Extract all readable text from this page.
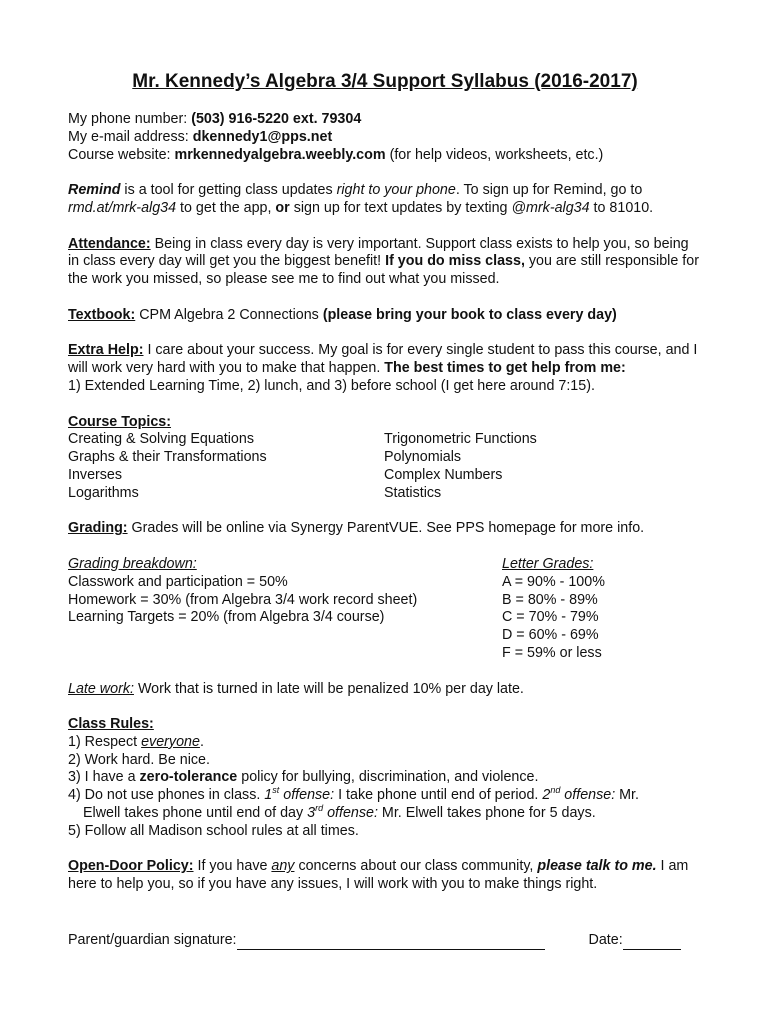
Mr. Kennedy’s Algebra 3/4 Support Syllabus (2016-2017)
My phone number: (503) 916-5220 ext. 79304
My e-mail address: dkennedy1@pps.net
Course website: mrkennedyalgebra.weebly.com (for help videos, worksheets, etc.)
Remind is a tool for getting class updates right to your phone. To sign up for Remind, go to
rmd.at/mrk-alg34 to get the app, or sign up for text updates by texting @mrk-alg34 to 81010.
Attendance: Being in class every day is very important. Support class exists to help you, so being in class every day will get you the biggest benefit! If you do miss class, you are still responsible for the work you missed, so please see me to find out what you missed.
Textbook: CPM Algebra 2 Connections (please bring your book to class every day)
Extra Help: I care about your success. My goal is for every single student to pass this course, and I will work very hard with you to make that happen. The best times to get help from me:
1) Extended Learning Time, 2) lunch, and 3) before school (I get here around 7:15).
Course Topics:
Creating & Solving Equations
Graphs & their Transformations
Inverses
Logarithms
Trigonometric Functions
Polynomials
Complex Numbers
Statistics
Grading: Grades will be online via Synergy ParentVUE. See PPS homepage for more info.
Grading breakdown:
Classwork and participation = 50%
Homework = 30% (from Algebra 3/4 work record sheet)
Learning Targets = 20% (from Algebra 3/4 course)
Letter Grades:
A = 90% - 100%
B = 80% - 89%
C = 70% - 79%
D = 60% - 69%
F = 59% or less
Late work: Work that is turned in late will be penalized 10% per day late.
Class Rules:
1) Respect everyone.
2) Work hard. Be nice.
3) I have a zero-tolerance policy for bullying, discrimination, and violence.
4) Do not use phones in class. 1st offense: I take phone until end of period. 2nd offense: Mr.
Elwell takes phone until end of day 3rd offense: Mr. Elwell takes phone for 5 days.
5) Follow all Madison school rules at all times.
Open-Door Policy: If you have any concerns about our class community, please talk to me. I am here to help you, so if you have any issues, I will work with you to make things right.
Parent/guardian signature:	Date:
